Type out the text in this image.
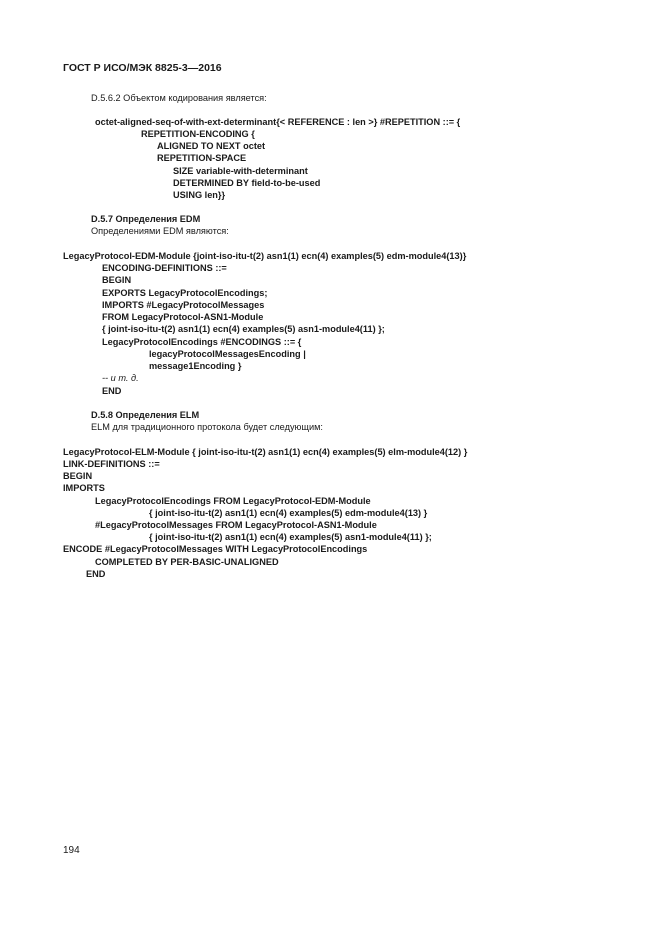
ГОСТ Р ИСО/МЭК 8825-3—2016
D.5.6.2 Объектом кодирования является:
octet-aligned-seq-of-with-ext-determinant{< REFERENCE : len >} #REPETITION ::= {
REPETITION-ENCODING {
ALIGNED TO NEXT octet
REPETITION-SPACE
SIZE variable-with-determinant
DETERMINED BY field-to-be-used
USING len}}
D.5.7 Определения EDM
Определениями EDM являются:
LegacyProtocol-EDM-Module {joint-iso-itu-t(2) asn1(1) ecn(4) examples(5) edm-module4(13)}
ENCODING-DEFINITIONS ::=
BEGIN
EXPORTS LegacyProtocolEncodings;
IMPORTS #LegacyProtocolMessages
FROM LegacyProtocol-ASN1-Module
{ joint-iso-itu-t(2) asn1(1) ecn(4) examples(5) asn1-module4(11) };
LegacyProtocolEncodings #ENCODINGS ::= {
legacyProtocolMessagesEncoding |
message1Encoding }
-- и т. д.
END
D.5.8 Определения ELM
ELM для традиционного протокола будет следующим:
LegacyProtocol-ELM-Module { joint-iso-itu-t(2) asn1(1) ecn(4) examples(5) elm-module4(12) }
LINK-DEFINITIONS ::=
BEGIN
IMPORTS
LegacyProtocolEncodings FROM LegacyProtocol-EDM-Module
{ joint-iso-itu-t(2) asn1(1) ecn(4) examples(5) edm-module4(13) }
#LegacyProtocolMessages FROM LegacyProtocol-ASN1-Module
{ joint-iso-itu-t(2) asn1(1) ecn(4) examples(5) asn1-module4(11) };
ENCODE #LegacyProtocolMessages WITH LegacyProtocolEncodings
COMPLETED BY PER-BASIC-UNALIGNED
END
194
